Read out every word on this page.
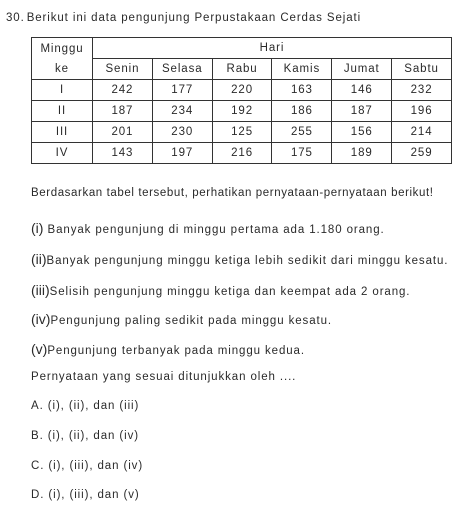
30. Berikut ini data pengunjung Perpustakaan Cerdas Sejati
Minggu
ke	Hari					
	Senin	Selasa	Rabu	Kamis	Jumat	Sabtu
I	242	177	220	163	146	232
II	187	234	192	186	187	196
III	201	230	125	255	156	214
IV	143	197	216	175	189	259
Berdasarkan tabel tersebut, perhatikan pernyataan-pernyataan berikut!
(i) Banyak pengunjung di minggu pertama ada 1.180 orang.
(ii)Banyak pengunjung minggu ketiga lebih sedikit dari minggu kesatu.
(iii)Selisih pengunjung minggu ketiga dan keempat ada 2 orang.
(iv)Pengunjung paling sedikit pada minggu kesatu.
(v)Pengunjung terbanyak pada minggu kedua.
Pernyataan yang sesuai ditunjukkan oleh ....
A. (i), (ii), dan (iii)
B. (i), (ii), dan (iv)
C. (i), (iii), dan (iv)
D. (i), (iii), dan (v)
